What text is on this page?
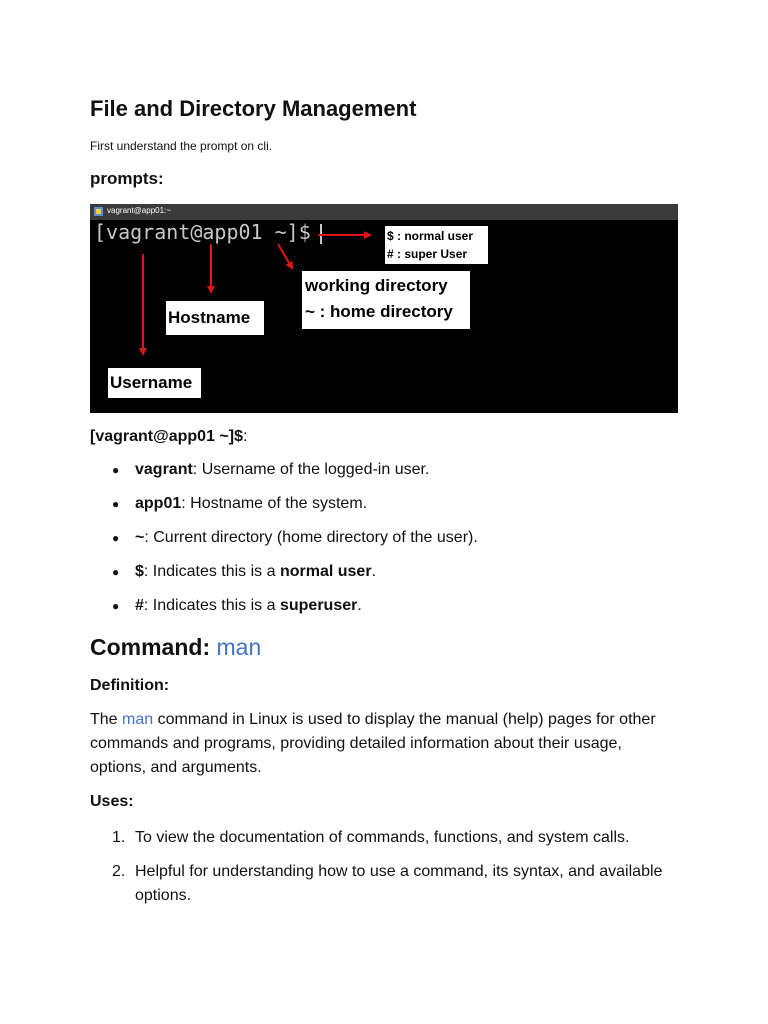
File and Directory Management
First understand the prompt on cli.
prompts:
vagrant@app01:~
[vagrant@app01 ~]$	$ : normal user
# : super User
working directory
~ : home directory
Hostname
Username
[vagrant@app01 ~]$:
● vagrant: Username of the logged-in user.
● app01: Hostname of the system.
● ~: Current directory (home directory of the user).
● $: Indicates this is a normal user.
● #: Indicates this is a superuser.
Command: man
Definition:
The man command in Linux is used to display the manual (help) pages for other commands and programs, providing detailed information about their usage, options, and arguments.
Uses:
1. To view the documentation of commands, functions, and system calls.
2. Helpful for understanding how to use a command, its syntax, and available options.
